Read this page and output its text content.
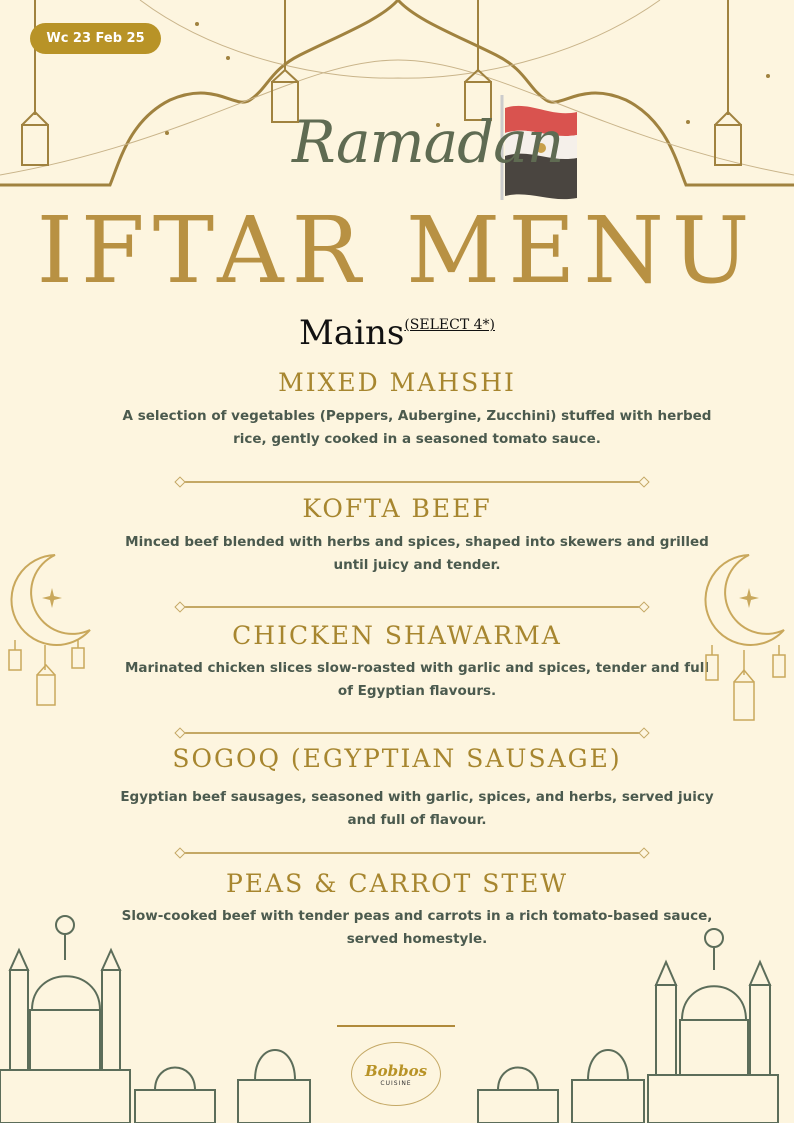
Wc 23 Feb 25
Ramadan
IFTAR MENU
Mains(SELECT 4*)
MIXED MAHSHI
A selection of vegetables (Peppers, Aubergine, Zucchini) stuffed with herbed rice, gently cooked in a seasoned tomato sauce.
KOFTA BEEF
Minced beef blended with herbs and spices, shaped into skewers and grilled until juicy and tender.
CHICKEN SHAWARMA
Marinated chicken slices slow-roasted with garlic and spices, tender and full of Egyptian flavours.
SOGOQ (EGYPTIAN SAUSAGE)
Egyptian beef sausages, seasoned with garlic, spices, and herbs, served juicy and full of flavour.
PEAS & CARROT STEW
Slow-cooked beef with tender peas and carrots in a rich tomato-based sauce, served homestyle.
Bobbos
CUISINE
